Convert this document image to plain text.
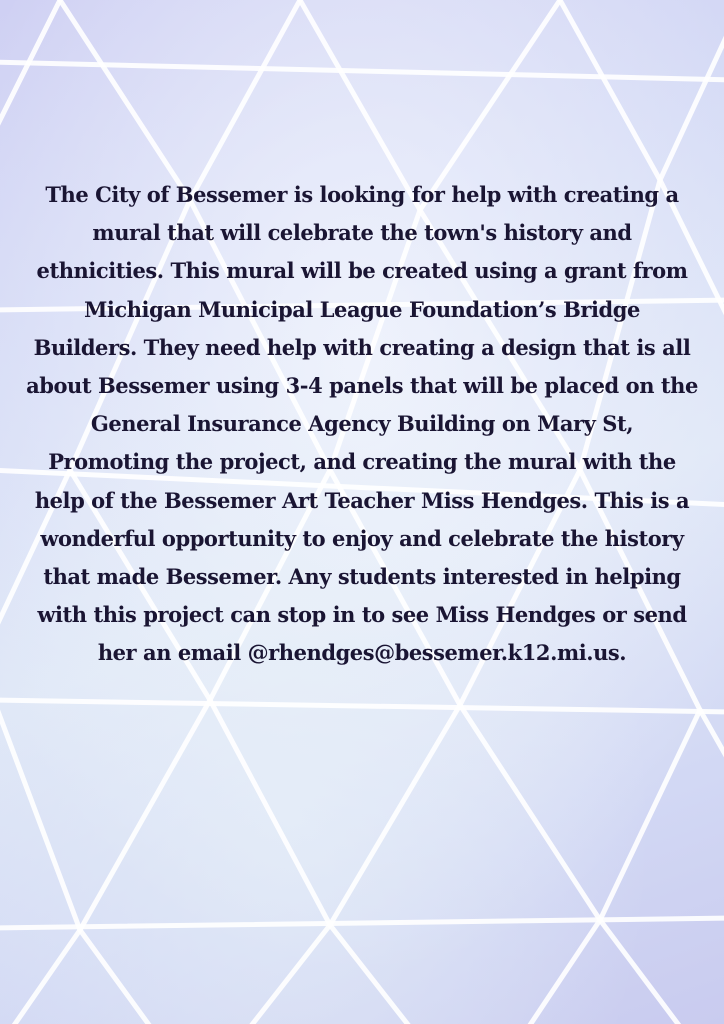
The City of Bessemer is looking for help with creating a
mural that will celebrate the town's history and
ethnicities. This mural will be created using a grant from
Michigan Municipal League Foundation’s Bridge
Builders. They need help with creating a design that is all
about Bessemer using 3-4 panels that will be placed on the
General Insurance Agency Building on Mary St,
Promoting the project, and creating the mural with the
help of the Bessemer Art Teacher Miss Hendges. This is a
wonderful opportunity to enjoy and celebrate the history
that made Bessemer. Any students interested in helping
with this project can stop in to see Miss Hendges or send
her an email @rhendges@bessemer.k12.mi.us.
